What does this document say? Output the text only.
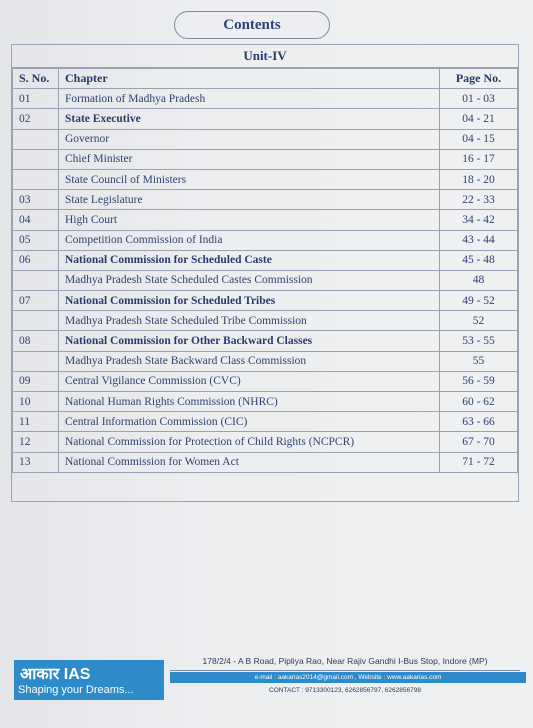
Contents
Unit-IV
S. No.	Chapter	Page No.
01	Formation of Madhya Pradesh	01 - 03
02	State Executive	04 - 21
	Governor	04 - 15
	Chief Minister	16 - 17
	State Council of Ministers	18 - 20
03	State Legislature	22 - 33
04	High Court	34 - 42
05	Competition Commission of India	43 - 44
06	National Commission for Scheduled Caste	45 - 48
	Madhya Pradesh State Scheduled Castes Commission	48
07	National Commission for Scheduled Tribes	49 - 52
	Madhya Pradesh State Scheduled Tribe Commission	52
08	National Commission for Other Backward Classes	53 - 55
	Madhya Pradesh State Backward Class Commission	55
09	Central Vigilance Commission (CVC)	56 - 59
10	National Human Rights Commission (NHRC)	60 - 62
11	Central Information Commission (CIC)	63 - 66
12	National Commission for Protection of Child Rights (NCPCR)	67 - 70
13	National Commission for Women Act	71 - 72
आकार IAS
Shaping your Dreams...
178/2/4 - A B Road, Pipliya Rao, Near Rajiv Gandhi I-Bus Stop, Indore (MP)
e-mail : aakarias2014@gmail.com , Website : www.aakarias.com
CONTACT : 9713300123, 6262856797, 6262856798
